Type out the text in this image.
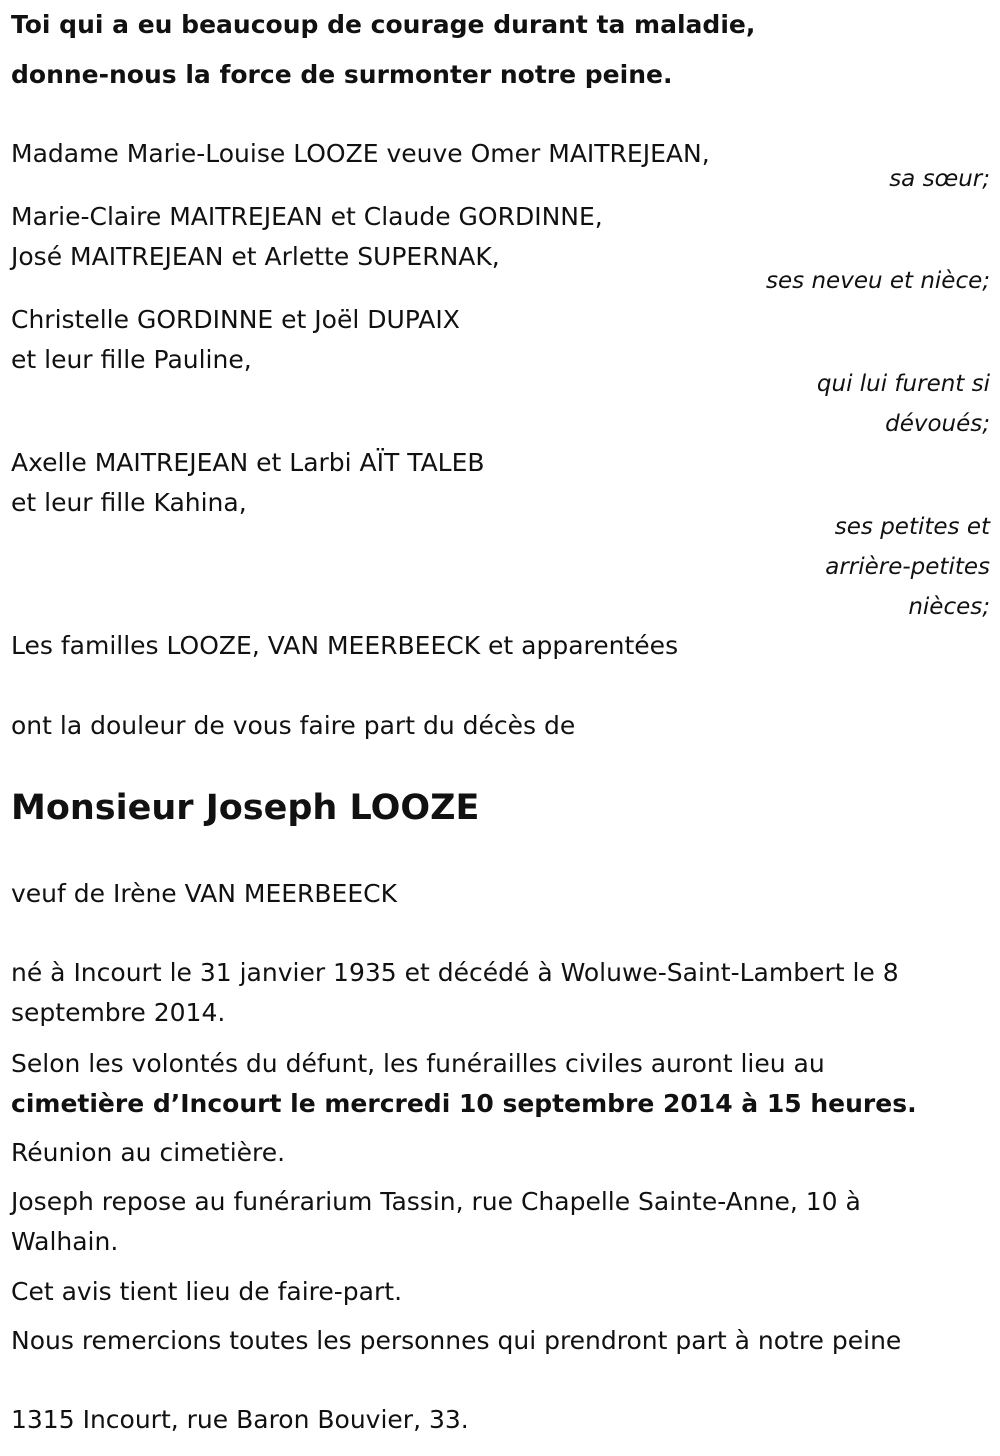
Toi qui a eu beaucoup de courage durant ta maladie,
donne-nous la force de surmonter notre peine.
Madame Marie-Louise LOOZE veuve Omer MAITREJEAN,
sa sœur;
Marie-Claire MAITREJEAN et Claude GORDINNE,
José MAITREJEAN et Arlette SUPERNAK,
ses neveu et nièce;
Christelle GORDINNE et Joël DUPAIX
et leur fille Pauline,
qui lui furent si
dévoués;
Axelle MAITREJEAN et Larbi AÏT TALEB
et leur fille Kahina,
ses petites et
arrière-petites
nièces;
Les familles LOOZE, VAN MEERBEECK et apparentées
ont la douleur de vous faire part du décès de
Monsieur Joseph LOOZE
veuf de Irène VAN MEERBEECK
né à Incourt le 31 janvier 1935 et décédé à Woluwe-Saint-Lambert le 8
septembre 2014.
Selon les volontés du défunt, les funérailles civiles auront lieu au
cimetière d’Incourt le mercredi 10 septembre 2014 à 15 heures.
Réunion au cimetière.
Joseph repose au funérarium Tassin, rue Chapelle Sainte-Anne, 10 à
Walhain.
Cet avis tient lieu de faire-part.
Nous remercions toutes les personnes qui prendront part à notre peine
1315 Incourt, rue Baron Bouvier, 33.
